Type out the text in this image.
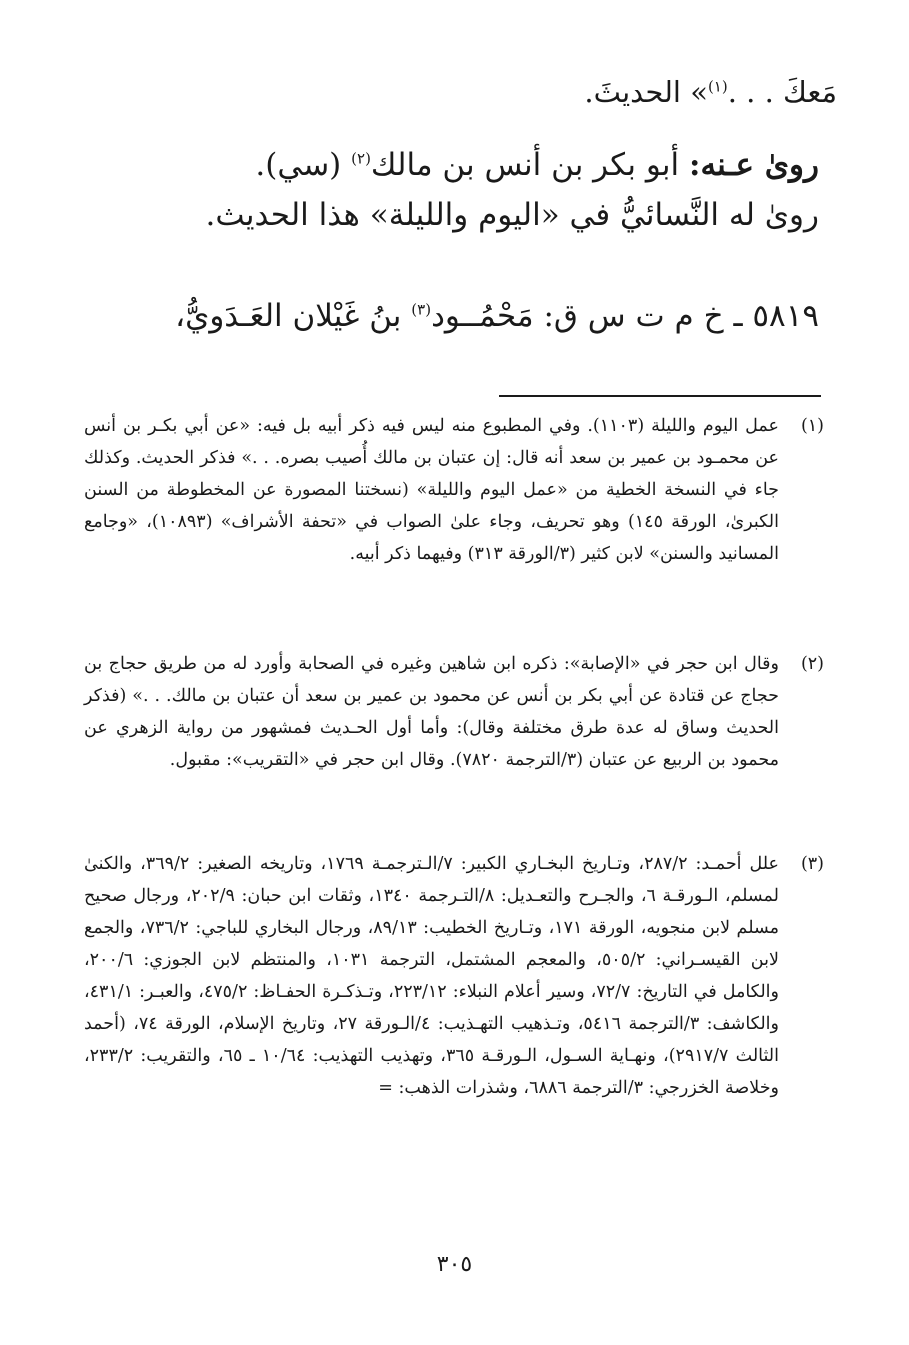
مَعكَ . . .$^{(١)}$» الحديثَ.
روىٰ عـنه: أبو بكر بن أنس بن مالك$^{(٢)}$ (سي).
روىٰ له النَّسائيُّ في «اليوم والليلة» هذا الحديث.
٥٨١٩ ـ خ م ت س ق: مَحْمُــود$^{(٣)}$ بنُ غَيْلان العَـدَويُّ،
(١)
عمل اليوم والليلة (١١٠٣). وفي المطبوع منه ليس فيه ذكر أبيه بل فيه: «عن أبي بكـر بن أنس عن محمـود بن عمير بن سعد أنه قال: إن عتبان بن مالك أُصيب بصره. . .» فذكر الحديث. وكذلك جاء في النسخة الخطية من «عمل اليوم والليلة» (نسختنا المصورة عن المخطوطة من السنن الكبرىٰ، الورقة ١٤٥) وهو تحريف، وجاء علىٰ الصواب في «تحفة الأشراف» (١٠٨٩٣)، «وجامع المسانيد والسنن» لابن كثير (٣/الورقة ٣١٣) وفيهما ذكر أبيه.
(٢)
وقال ابن حجر في «الإصابة»: ذكره ابن شاهين وغيره في الصحابة وأورد له من طريق حجاج بن حجاج عن قتادة عن أبي بكر بن أنس عن محمود بن عمير بن سعد أن عتبان بن مالك. . .» (فذكر الحديث وساق له عدة طرق مختلفة وقال): وأما أول الحـديث فمشهور من رواية الزهري عن محمود بن الربيع عن عتبان (٣/الترجمة ٧٨٢٠). وقال ابن حجر في «التقريب»: مقبول.
(٣)
علل أحمـد: ٢٨٧/٢، وتـاريخ البخـاري الكبير: ٧/الـترجمـة ١٧٦٩، وتاريخه الصغير: ٣٦٩/٢، والكنىٰ لمسلم، الـورقـة ٦، والجـرح والتعـديل: ٨/التـرجمة ١٣٤٠، وثقات ابن حبان: ٢٠٢/٩، ورجال صحيح مسلم لابن منجويه، الورقة ١٧١، وتـاريخ الخطيب: ٨٩/١٣، ورجال البخاري للباجي: ٧٣٦/٢، والجمع لابن القيسـراني: ٥٠٥/٢، والمعجم المشتمل، الترجمة ١٠٣١، والمنتظم لابن الجوزي: ٢٠٠/٦، والكامل في التاريخ: ٧٢/٧، وسير أعلام النبلاء: ٢٢٣/١٢، وتـذكـرة الحفـاظ: ٤٧٥/٢، والعبـر: ٤٣١/١، والكاشف: ٣/الترجمة ٥٤١٦، وتـذهيب التهـذيب: ٤/الـورقة ٢٧، وتاريخ الإسلام، الورقة ٧٤، (أحمد الثالث ٢٩١٧/٧)، ونهـاية السـول، الـورقـة ٣٦٥، وتهذيب التهذيب: ١٠/٦٤ ـ ٦٥، والتقريب: ٢٣٣/٢، وخلاصة الخزرجي: ٣/الترجمة ٦٨٨٦، وشذرات الذهب: =
٣٠٥
